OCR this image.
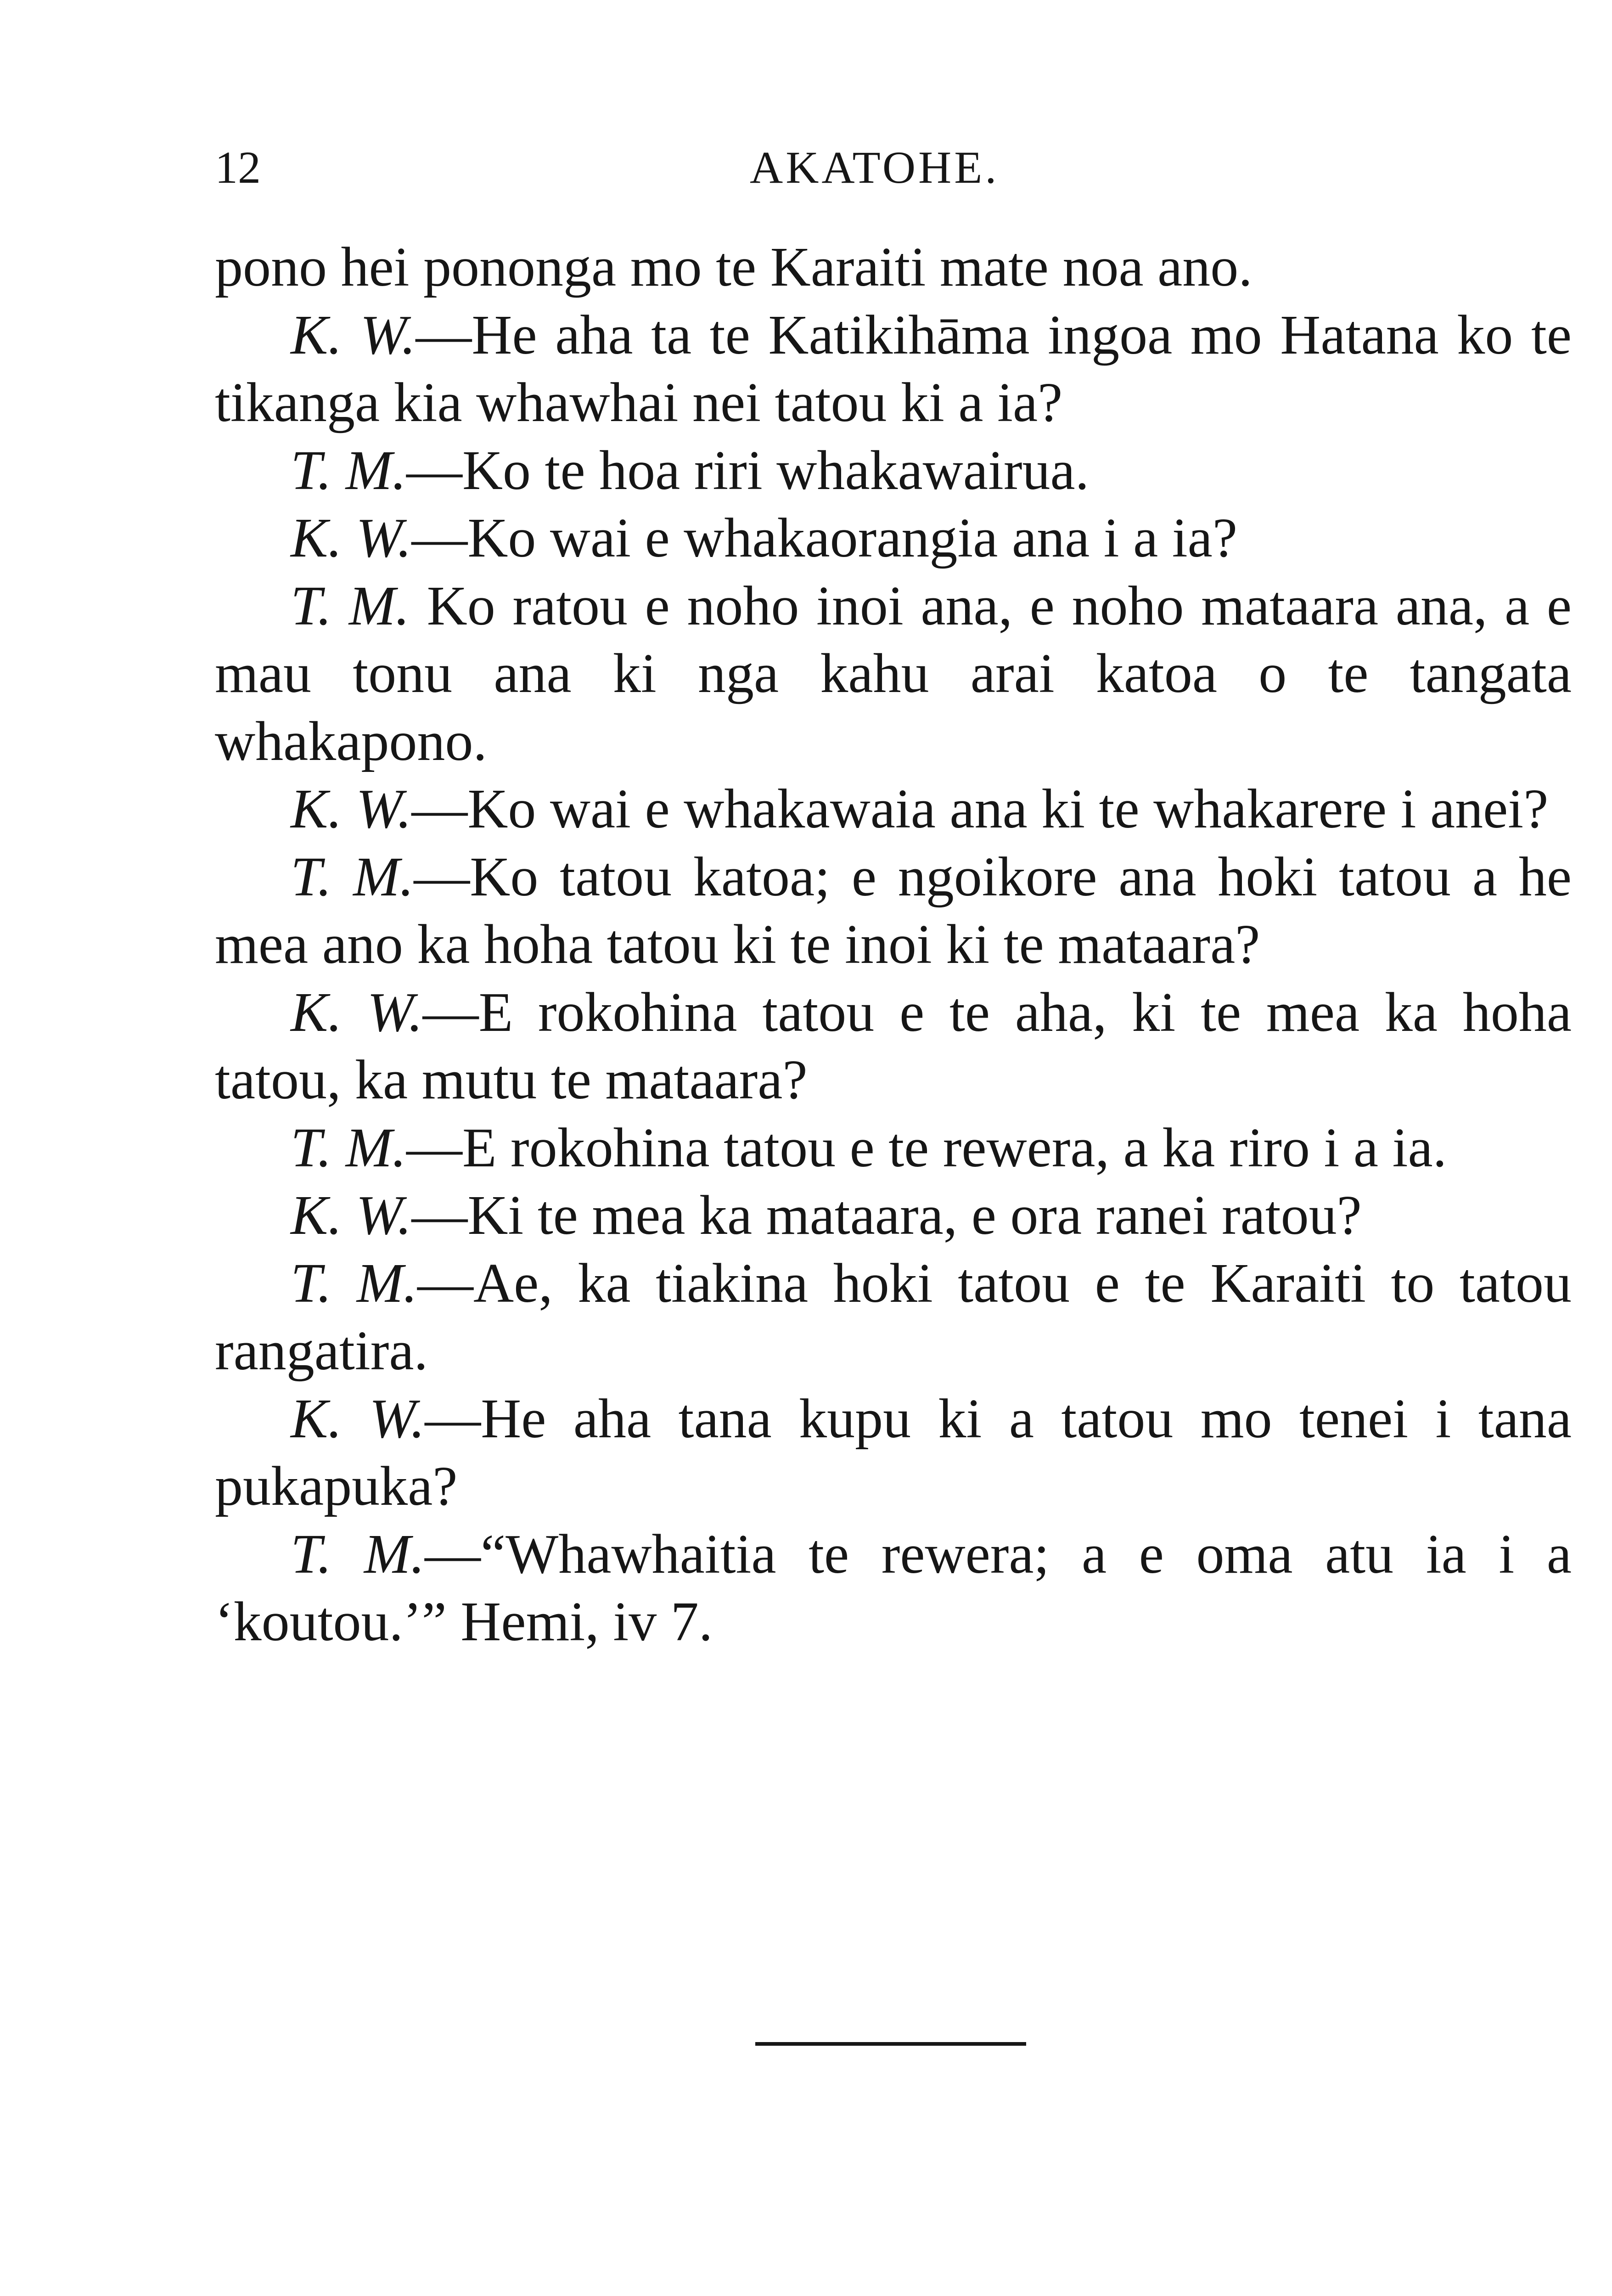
12	AKATOHE.

pono hei pononga mo te Karaiti mate noa ano.

K. W.—He aha ta te Katikihāma ingoa mo Hatana ko te tikanga kia whawhai nei tatou ki a ia?

T. M.—Ko te hoa riri whakawairua.

K. W.—Ko wai e whakaorangia ana i a ia?

T. M. Ko ratou e noho inoi ana, e noho mataara ana, a e mau tonu ana ki nga kahu arai katoa o te tangata whakapono.

K. W.—Ko wai e whakawaia ana ki te whakarere i anei?

T. M.—Ko tatou katoa; e ngoikore ana hoki tatou a he mea ano ka hoha tatou ki te inoi ki te mataara?

K. W.—E rokohina tatou e te aha, ki te mea ka hoha tatou, ka mutu te mataara?

T. M.—E rokohina tatou e te rewera, a ka riro i a ia.

K. W.—Ki te mea ka mataara, e ora ranei ratou?

T. M.—Ae, ka tiakina hoki tatou e te Karaiti to tatou rangatira.

K. W.—He aha tana kupu ki a tatou mo tenei i tana pukapuka?

T. M.—“Whawhaitia te rewera; a e oma atu ia i a ‘koutou.’” Hemi, iv 7.
